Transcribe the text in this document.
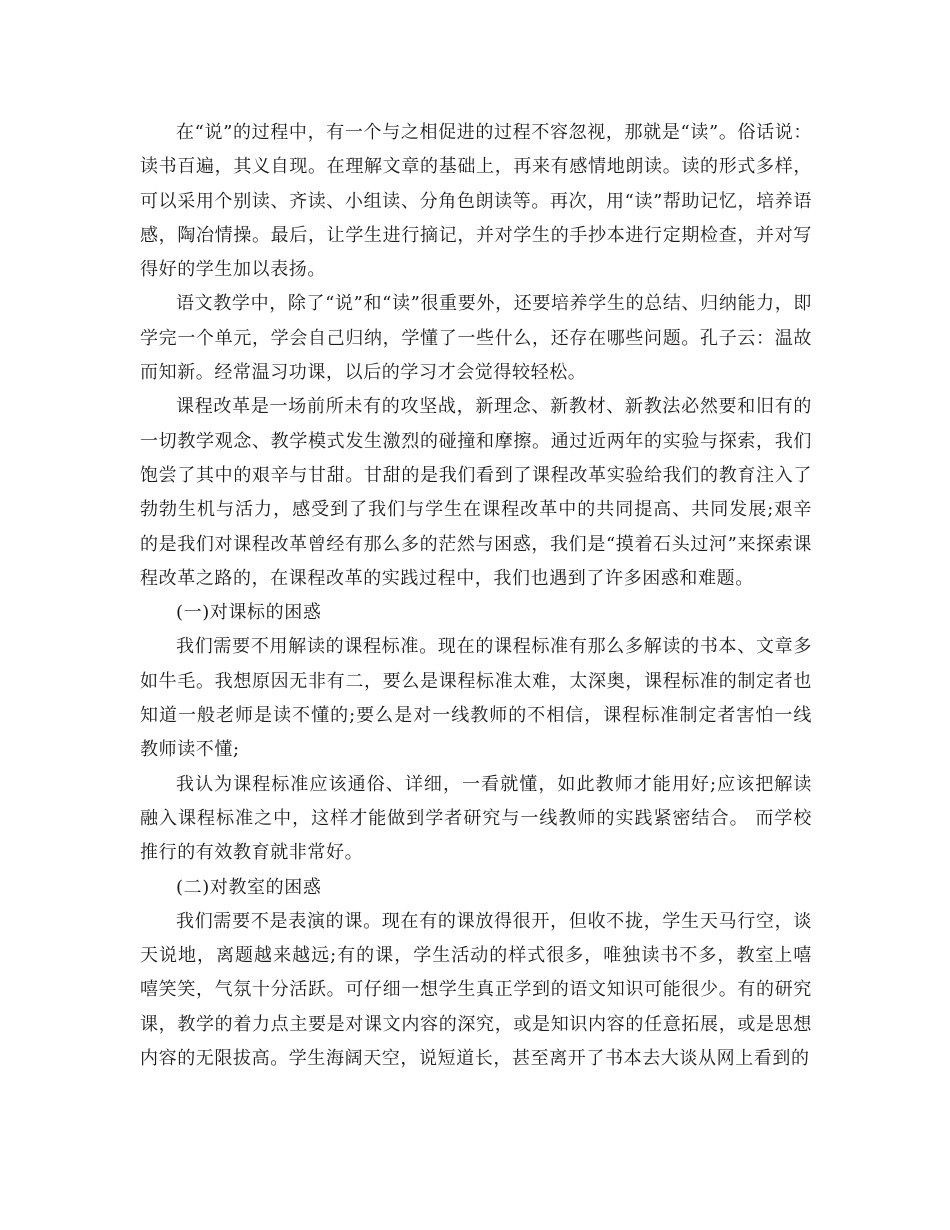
在“说”的过程中，有一个与之相促进的过程不容忽视，那就是“读”。俗话说：读书百遍，其义自现。在理解文章的基础上，再来有感情地朗读。读的形式多样，可以采用个别读、齐读、小组读、分角色朗读等。再次，用“读”帮助记忆，培养语感，陶冶情操。最后，让学生进行摘记，并对学生的手抄本进行定期检查，并对写得好的学生加以表扬。

语文教学中，除了“说”和“读”很重要外，还要培养学生的总结、归纳能力，即学完一个单元，学会自己归纳，学懂了一些什么，还存在哪些问题。孔子云：温故而知新。经常温习功课，以后的学习才会觉得较轻松。

课程改革是一场前所未有的攻坚战，新理念、新教材、新教法必然要和旧有的一切教学观念、教学模式发生激烈的碰撞和摩擦。通过近两年的实验与探索，我们饱尝了其中的艰辛与甘甜。甘甜的是我们看到了课程改革实验给我们的教育注入了勃勃生机与活力，感受到了我们与学生在课程改革中的共同提高、共同发展;艰辛的是我们对课程改革曾经有那么多的茫然与困惑，我们是“摸着石头过河”来探索课程改革之路的，在课程改革的实践过程中，我们也遇到了许多困惑和难题。

(一)对课标的困惑

我们需要不用解读的课程标准。现在的课程标准有那么多解读的书本、文章多如牛毛。我想原因无非有二，要么是课程标准太难，太深奥，课程标准的制定者也知道一般老师是读不懂的;要么是对一线教师的不相信，课程标准制定者害怕一线教师读不懂;

我认为课程标准应该通俗、详细，一看就懂，如此教师才能用好;应该把解读融入课程标准之中，这样才能做到学者研究与一线教师的实践紧密结合。 而学校推行的有效教育就非常好。

(二)对教室的困惑

我们需要不是表演的课。现在有的课放得很开，但收不拢，学生天马行空，谈天说地，离题越来越远;有的课，学生活动的样式很多，唯独读书不多，教室上嘻嘻笑笑，气氛十分活跃。可仔细一想学生真正学到的语文知识可能很少。有的研究课，教学的着力点主要是对课文内容的深究，或是知识内容的任意拓展，或是思想内容的无限拔高。学生海阔天空，说短道长，甚至离开了书本去大谈从网上看到的
